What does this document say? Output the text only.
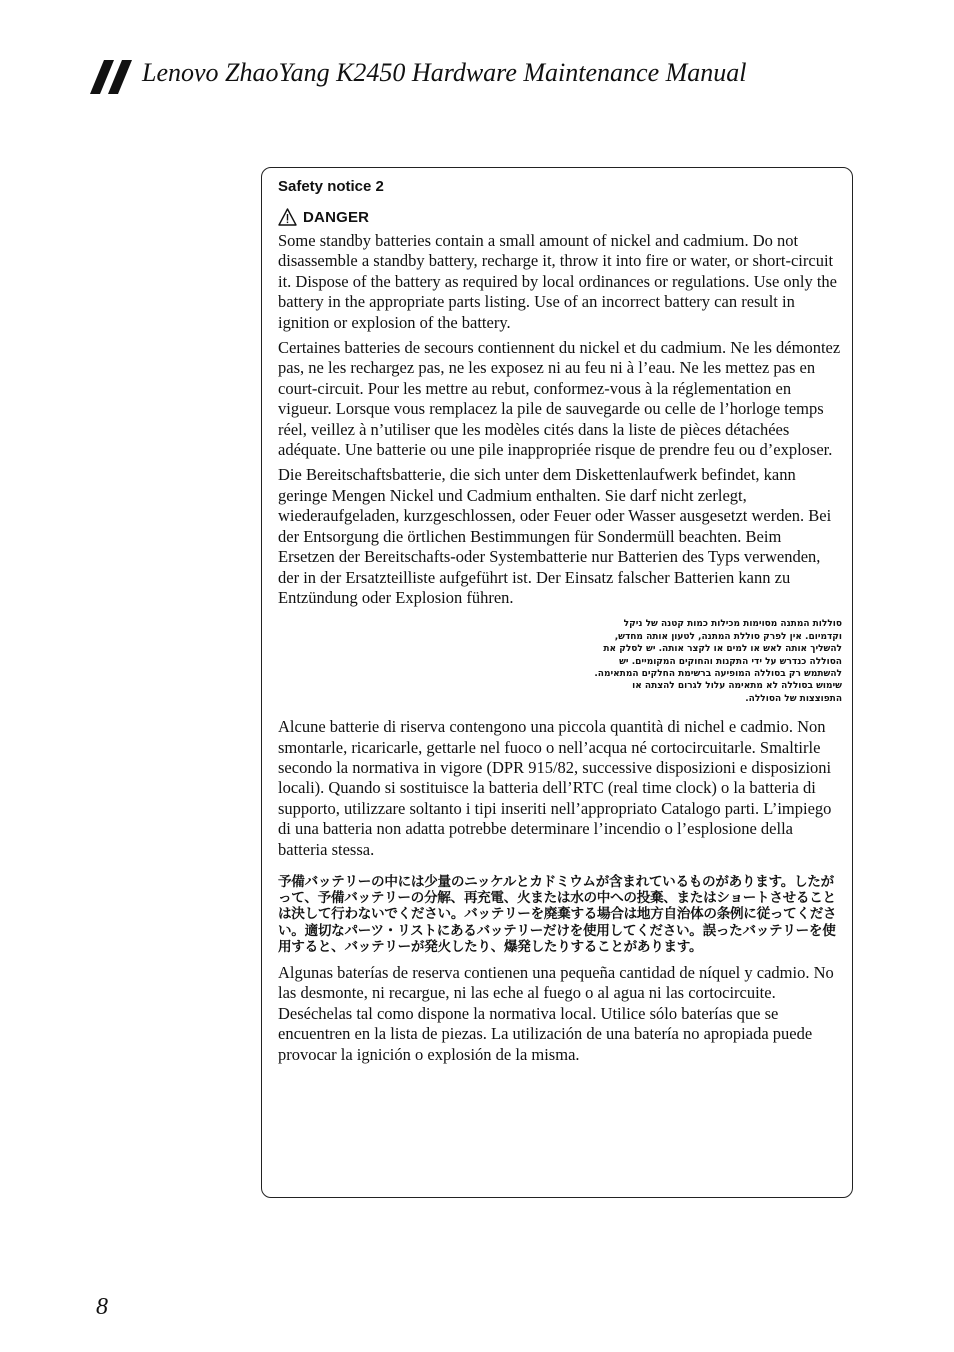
Lenovo ZhaoYang K2450 Hardware Maintenance Manual

Safety notice 2

DANGER

Some standby batteries contain a small amount of nickel and cadmium. Do not disassemble a standby battery, recharge it, throw it into fire or water, or short-circuit it. Dispose of the battery as required by local ordinances or regulations. Use only the battery in the appropriate parts listing. Use of an incorrect battery can result in ignition or explosion of the battery.

Certaines batteries de secours contiennent du nickel et du cadmium. Ne les démontez pas, ne les rechargez pas, ne les exposez ni au feu ni à l’eau. Ne les mettez pas en court-circuit. Pour les mettre au rebut, conformez-vous à la réglementation en vigueur. Lorsque vous remplacez la pile de sauvegarde ou celle de l’horloge temps réel, veillez à n’utiliser que les modèles cités dans la liste de pièces détachées adéquate. Une batterie ou une pile inappropriée risque de prendre feu ou d’exploser.

Die Bereitschaftsbatterie, die sich unter dem Diskettenlaufwerk befindet, kann geringe Mengen Nickel und Cadmium enthalten. Sie darf nicht zerlegt, wiederaufgeladen, kurzgeschlossen, oder Feuer oder Wasser ausgesetzt werden. Bei der Entsorgung die örtlichen Bestimmungen für Sondermüll beachten. Beim Ersetzen der Bereitschafts-oder Systembatterie nur Batterien des Typs verwenden, der in der Ersatzteilliste aufgeführt ist. Der Einsatz falscher Batterien kann zu Entzündung oder Explosion führen.

סוללות המתנה מסוימות מכילות כמות קטנה של ניקל וקדמיום. אין לפרק סוללת המתנה, לטעון אותה מחדש, להשליך אותה לאש או למים או לקצר אותה. יש לסלק את הסוללה כנדרש על ידי התקנות והחוקים המקומיים. יש להשתמש רק בסוללה המופיעה ברשימת החלקים המתאימה. שימוש בסוללה לא מתאימה עלול לגרום להצתה או התפוצצות של הסוללה.

Alcune batterie di riserva contengono una piccola quantità di nichel e cadmio. Non smontarle, ricaricarle, gettarle nel fuoco o nell’acqua né cortocircuitarle. Smaltirle secondo la normativa in vigore (DPR 915/82, successive disposizioni e disposizioni locali). Quando si sostituisce la batteria dell’RTC (real time clock) o la batteria di supporto, utilizzare soltanto i tipi inseriti nell’appropriato Catalogo parti. L’impiego di una batteria non adatta potrebbe determinare l’incendio o l’esplosione della batteria stessa.

予備バッテリーの中には少量のニッケルとカドミウムが含まれているものがあります。したがって、予備バッテリーの分解、再充電、火または水の中への投棄、またはショートさせることは決して行わないでください。バッテリーを廃棄する場合は地方自治体の条例に従ってください。適切なパーツ・リストにあるバッテリーだけを使用してください。誤ったバッテリーを使用すると、バッテリーが発火したり、爆発したりすることがあります。

Algunas baterías de reserva contienen una pequeña cantidad de níquel y cadmio. No las desmonte, ni recargue, ni las eche al fuego o al agua ni las cortocircuite. Deséchelas tal como dispone la normativa local. Utilice sólo baterías que se encuentren en la lista de piezas. La utilización de una batería no apropiada puede provocar la ignición o explosión de la misma.

8
